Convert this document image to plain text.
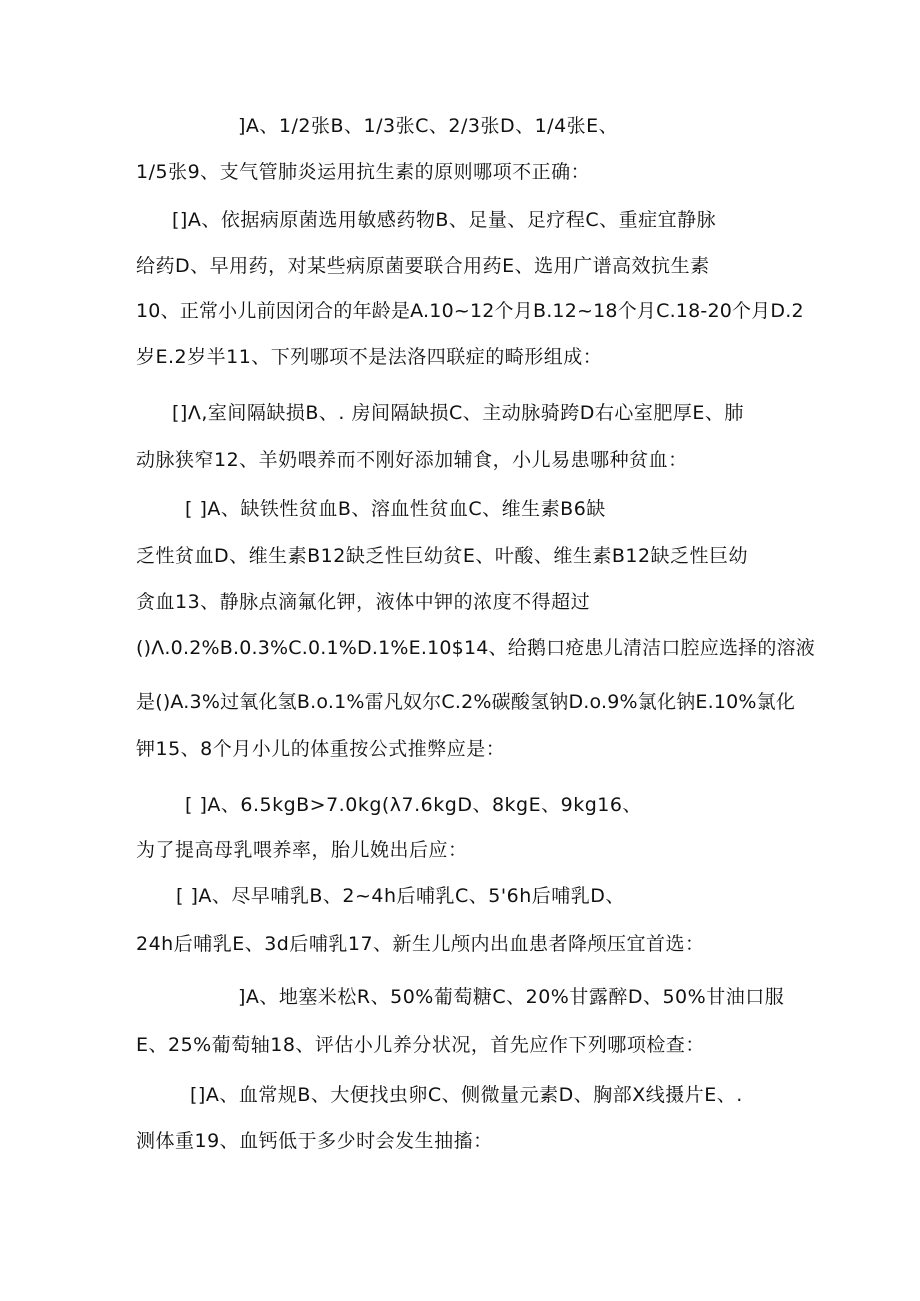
]A、1/2张B、1/3张C、2/3张D、1/4张E、
1/5张9、支气管肺炎运用抗生素的原则哪项不正确：
[]A、依据病原菌选用敏感药物B、足量、足疗程C、重症宜静脉
给药D、早用药，对某些病原菌要联合用药E、选用广谱高效抗生素
10、正常小儿前因闭合的年龄是A.10~12个月B.12~18个月C.18-20个月D.2
岁E.2岁半11、下列哪项不是法洛四联症的畸形组成：
[]Λ,室间隔缺损B、. 房间隔缺损C、主动脉骑跨D右心室肥厚E、肺
动脉狭窄12、羊奶喂养而不刚好添加辅食，小儿易患哪种贫血：
[ ]A、缺铁性贫血B、溶血性贫血C、维生素B6缺
乏性贫血D、维生素B12缺乏性巨幼贫E、叶酸、维生素B12缺乏性巨幼
贪血13、静脉点滴氟化钾，液体中钾的浓度不得超过
()Λ.0.2%B.0.3%C.0.1%D.1%E.10$14、给鹅口疮患儿清洁口腔应选择的溶液
是()A.3%过氧化氢B.o.1%雷凡奴尔C.2%碳酸氢钠D.o.9%氯化钠E.10%氯化
钾15、8个月小儿的体重按公式推弊应是：
[ ]A、6.5kgB>7.0kg(λ7.6kgD、8kgE、9kg16、
为了提高母乳喂养率，胎儿娩出后应：
[ ]A、尽早哺乳B、2~4h后哺乳C、5'6h后哺乳D、
24h后哺乳E、3d后哺乳17、新生儿颅内出血患者降颅压宜首选：
]A、地塞米松R、50%葡萄糖C、20%甘露醉D、50%甘油口服
E、25%葡萄轴18、评估小儿养分状况，首先应作下列哪项检查：
[]A、血常规B、大便找虫卵C、侧微量元素D、胸部X线摄片E、.
测体重19、血钙低于多少时会发生抽搐：
